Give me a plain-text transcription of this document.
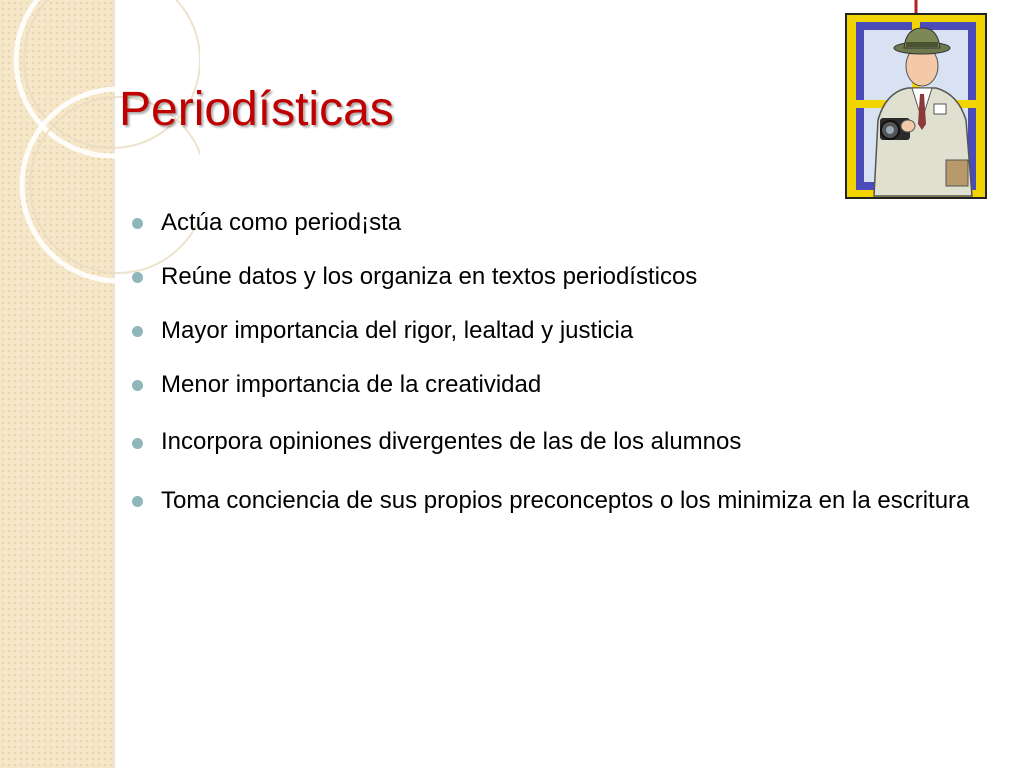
Periodísticas
Actúa como period¡sta
Reúne datos y los organiza en textos periodísticos
Mayor importancia del rigor, lealtad y justicia
Menor importancia de la creatividad
Incorpora opiniones divergentes de las de los alumnos
Toma conciencia de sus propios preconceptos o los minimiza en la escritura
